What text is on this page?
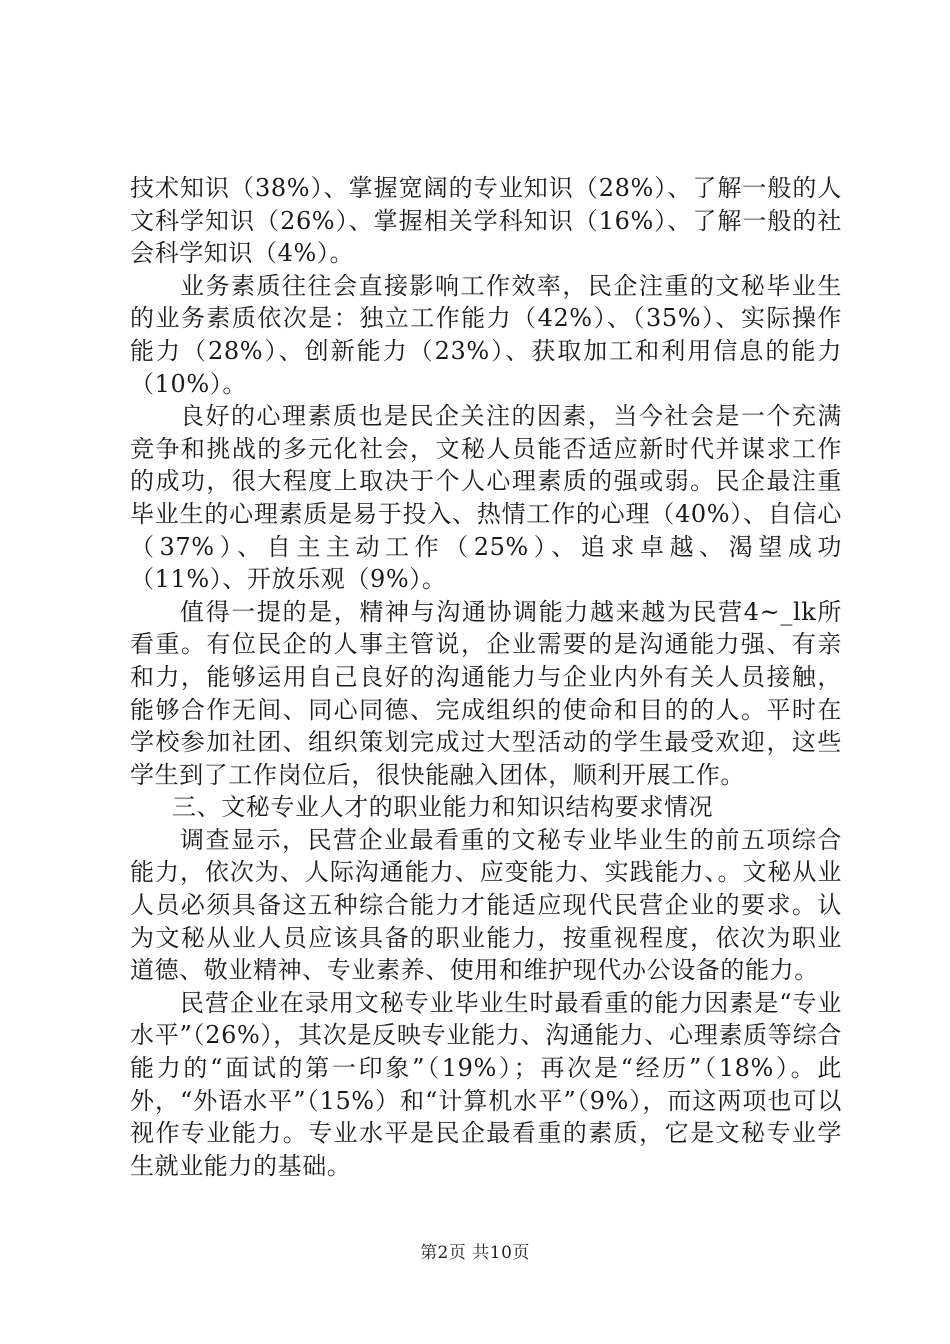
技术知识（38%）、掌握宽阔的专业知识（28%）、了解一般的人文科学知识（26%）、掌握相关学科知识（16%）、了解一般的社会科学知识（4%）。

业务素质往往会直接影响工作效率，民企注重的文秘毕业生的业务素质依次是：独立工作能力（42%）、（35%）、实际操作能力（28%）、创新能力（23%）、获取加工和利用信息的能力（10%）。

良好的心理素质也是民企关注的因素，当今社会是一个充满竞争和挑战的多元化社会，文秘人员能否适应新时代并谋求工作的成功，很大程度上取决于个人心理素质的强或弱。民企最注重毕业生的心理素质是易于投入、热情工作的心理（40%）、自信心（37%）、自主主动工作（25%）、追求卓越、渴望成功（11%）、开放乐观（9%）。

值得一提的是，精神与沟通协调能力越来越为民营4~_lk所看重。有位民企的人事主管说，企业需要的是沟通能力强、有亲和力，能够运用自己良好的沟通能力与企业内外有关人员接触，能够合作无间、同心同德、完成组织的使命和目的的人。平时在学校参加社团、组织策划完成过大型活动的学生最受欢迎，这些学生到了工作岗位后，很快能融入团体，顺利开展工作。

三、文秘专业人才的职业能力和知识结构要求情况

调查显示，民营企业最看重的文秘专业毕业生的前五项综合能力，依次为、人际沟通能力、应变能力、实践能力、。文秘从业人员必须具备这五种综合能力才能适应现代民营企业的要求。认为文秘从业人员应该具备的职业能力，按重视程度，依次为职业道德、敬业精神、专业素养、使用和维护现代办公设备的能力。

民营企业在录用文秘专业毕业生时最看重的能力因素是“专业水平”（26%），其次是反映专业能力、沟通能力、心理素质等综合能力的“面试的第一印象”（19%）；再次是“经历”（18%）。此外，“外语水平”（15%）和“计算机水平”（9%），而这两项也可以视作专业能力。专业水平是民企最看重的素质，它是文秘专业学生就业能力的基础。

第2页 共10页
